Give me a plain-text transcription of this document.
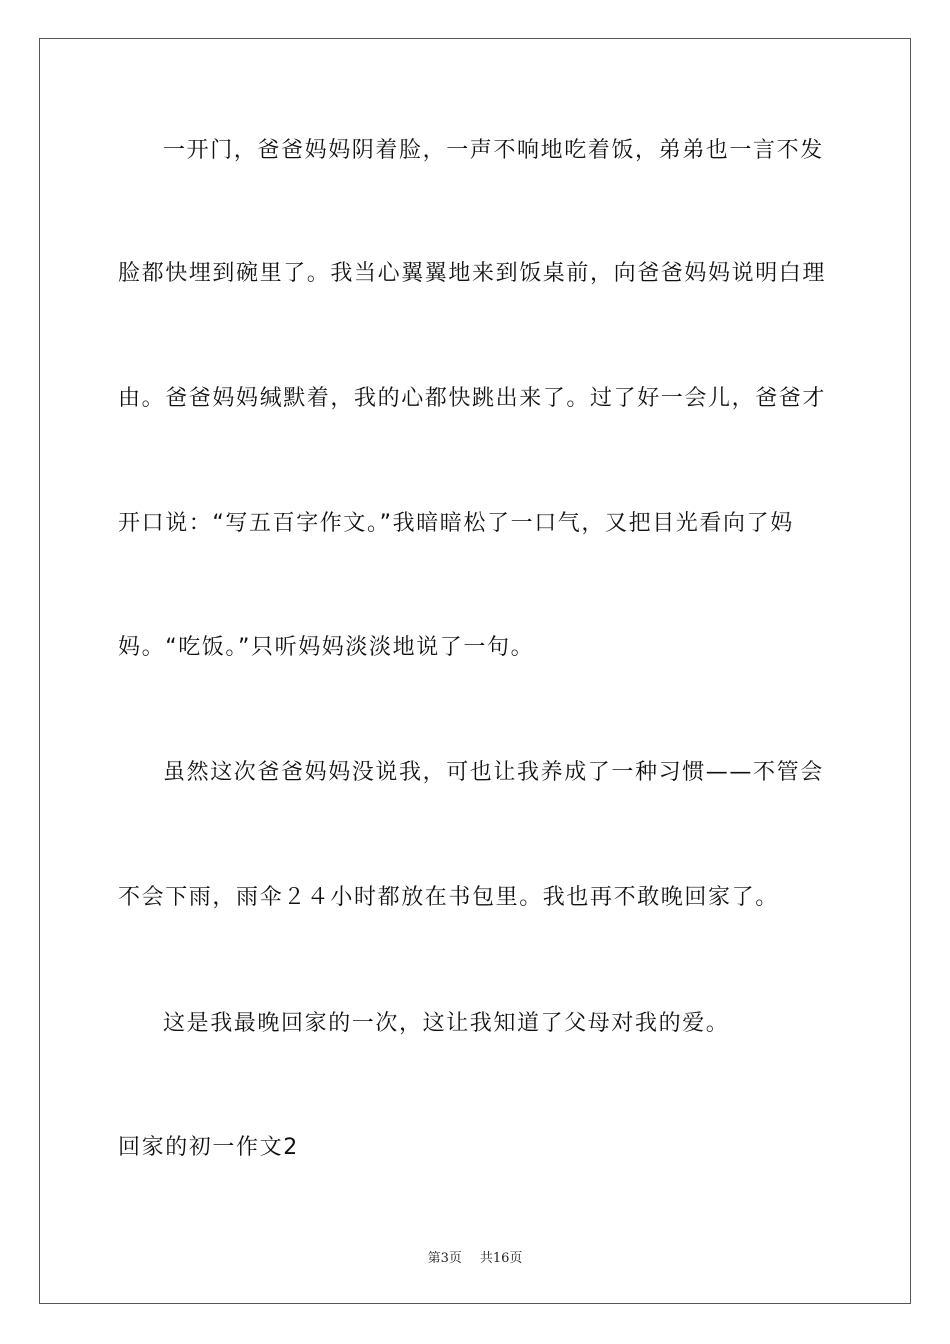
一开门，爸爸妈妈阴着脸，一声不响地吃着饭，弟弟也一言不发
脸都快埋到碗里了。我当心翼翼地来到饭桌前，向爸爸妈妈说明白理
由。爸爸妈妈缄默着，我的心都快跳出来了。过了好一会儿，爸爸才
开口说：“写五百字作文。”我暗暗松了一口气，又把目光看向了妈
妈。“吃饭。”只听妈妈淡淡地说了一句。
虽然这次爸爸妈妈没说我，可也让我养成了一种习惯——不管会
不会下雨，雨伞２４小时都放在书包里。我也再不敢晚回家了。
这是我最晚回家的一次，这让我知道了父母对我的爱。
回家的初一作文2
第3页 共16页
